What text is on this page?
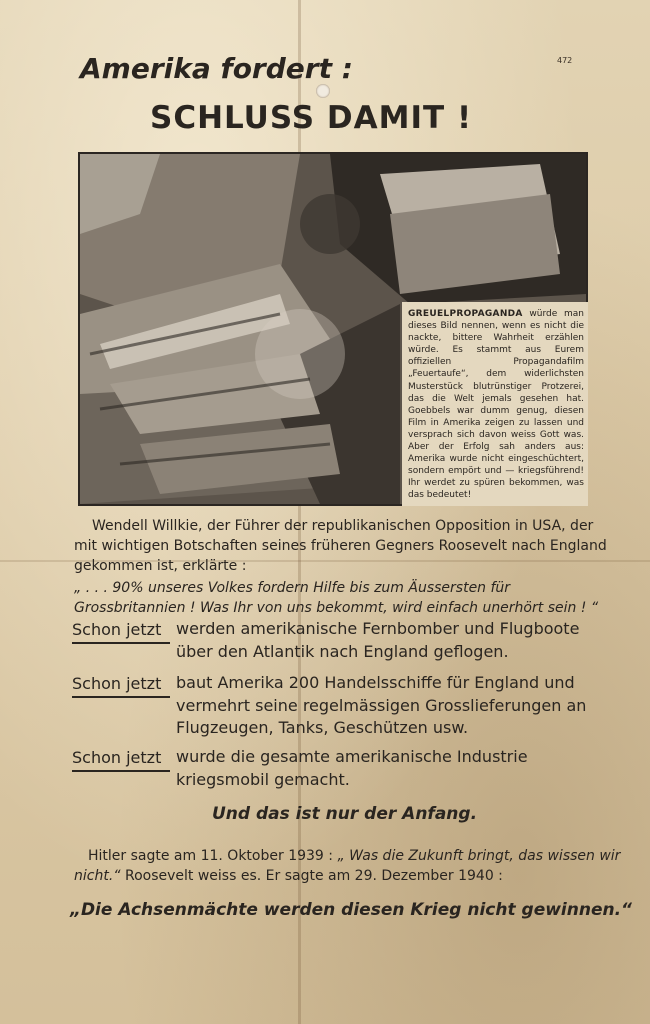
472
Amerika fordert :
SCHLUSS DAMIT !
GREUELPROPAGANDA würde man dieses Bild nennen, wenn es nicht die nackte, bittere Wahrheit erzählen würde. Es stammt aus Eurem offiziellen Propagandafilm „Feuertaufe“, dem widerlichsten Musterstück blutrünstiger Protzerei, das die Welt jemals gesehen hat. Goebbels war dumm genug, diesen Film in Amerika zeigen zu lassen und versprach sich davon weiss Gott was. Aber der Erfolg sah anders aus: Amerika wurde nicht eingeschüchtert, sondern empört und — kriegsführend! Ihr werdet zu spüren bekommen, was das bedeutet!
Wendell Willkie, der Führer der republikanischen Opposition in USA, der mit wichtigen Botschaften seines früheren Gegners Roosevelt nach England gekommen ist, erklärte :
„ . . . 90% unseres Volkes fordern Hilfe bis zum Äussersten für Grossbritannien ! Was Ihr von uns bekommt, wird einfach unerhört sein ! “
Schon jetzt werden amerikanische Fernbomber und Flugboote über den Atlantik nach England geflogen.
Schon jetzt baut Amerika 200 Handelsschiffe für England und vermehrt seine regelmässigen Grosslieferungen an Flugzeugen, Tanks, Geschützen usw.
Schon jetzt wurde die gesamte amerikanische Industrie kriegsmobil gemacht.
Und das ist nur der Anfang.
Hitler sagte am 11. Oktober 1939 : „ Was die Zukunft bringt, das wissen wir nicht.“ Roosevelt weiss es. Er sagte am 29. Dezember 1940 :
„Die Achsenmächte werden diesen Krieg nicht gewinnen.“
